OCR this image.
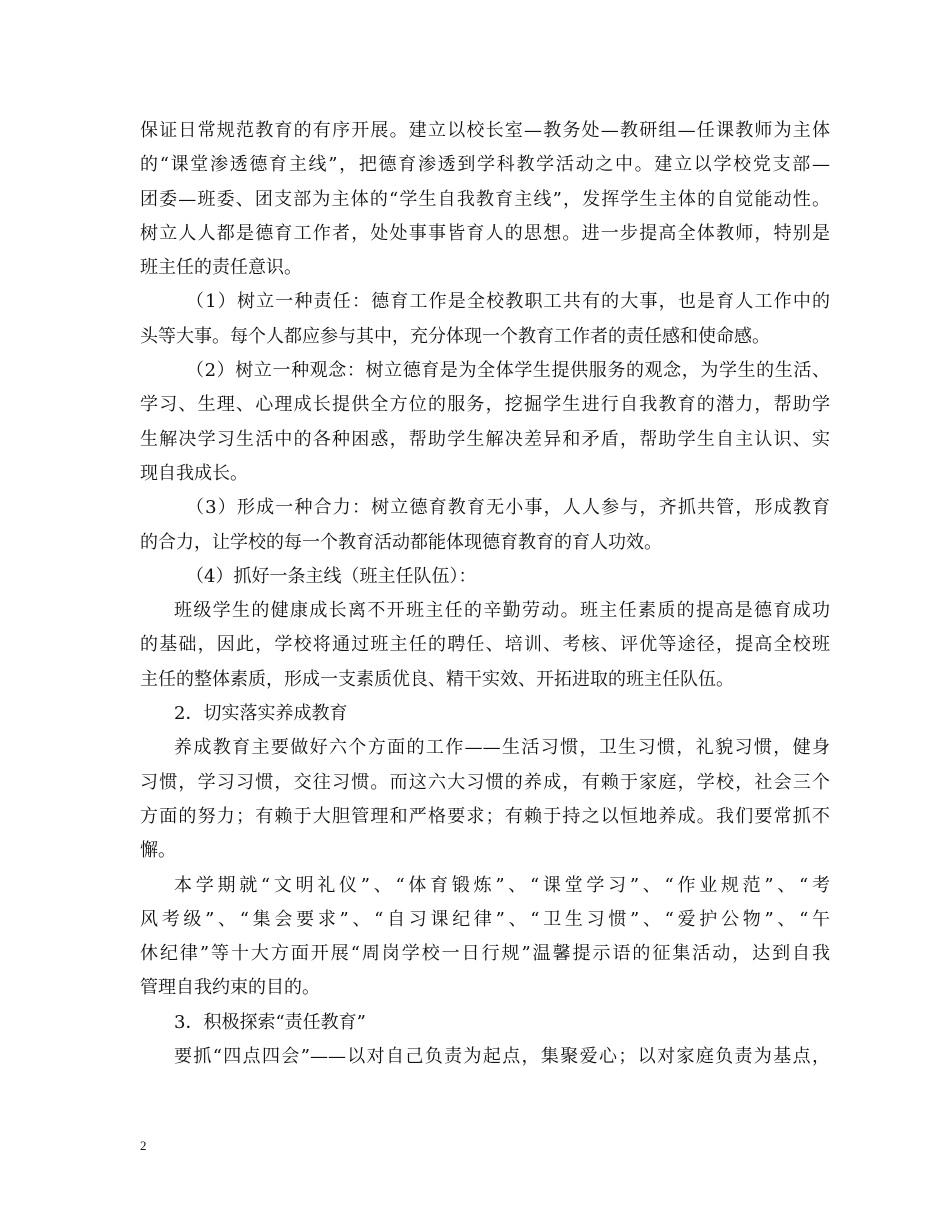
保证日常规范教育的有序开展。建立以校长室—教务处—教研组—任课教师为主体
的“课堂渗透德育主线”，把德育渗透到学科教学活动之中。建立以学校党支部—
团委—班委、团支部为主体的“学生自我教育主线”，发挥学生主体的自觉能动性。
树立人人都是德育工作者，处处事事皆育人的思想。进一步提高全体教师，特别是
班主任的责任意识。
（1）树立一种责任：德育工作是全校教职工共有的大事，也是育人工作中的
头等大事。每个人都应参与其中，充分体现一个教育工作者的责任感和使命感。
（2）树立一种观念：树立德育是为全体学生提供服务的观念，为学生的生活、
学习、生理、心理成长提供全方位的服务，挖掘学生进行自我教育的潜力，帮助学
生解决学习生活中的各种困惑，帮助学生解决差异和矛盾，帮助学生自主认识、实
现自我成长。
（3）形成一种合力：树立德育教育无小事，人人参与，齐抓共管，形成教育
的合力，让学校的每一个教育活动都能体现德育教育的育人功效。
（4）抓好一条主线（班主任队伍）：
班级学生的健康成长离不开班主任的辛勤劳动。班主任素质的提高是德育成功
的基础，因此，学校将通过班主任的聘任、培训、考核、评优等途径，提高全校班
主任的整体素质，形成一支素质优良、精干实效、开拓进取的班主任队伍。
2．切实落实养成教育
养成教育主要做好六个方面的工作——生活习惯，卫生习惯，礼貌习惯，健身
习惯，学习习惯，交往习惯。而这六大习惯的养成，有赖于家庭，学校，社会三个
方面的努力；有赖于大胆管理和严格要求；有赖于持之以恒地养成。我们要常抓不
懈。
本学期就“文明礼仪”、“体育锻炼”、“课堂学习”、“作业规范”、“考
风考级”、“集会要求”、“自习课纪律”、“卫生习惯”、“爱护公物”、“午
休纪律”等十大方面开展“周岗学校一日行规”温馨提示语的征集活动，达到自我
管理自我约束的目的。
3．积极探索“责任教育”
要抓“四点四会”——以对自己负责为起点，集聚爱心；以对家庭负责为基点，
2
